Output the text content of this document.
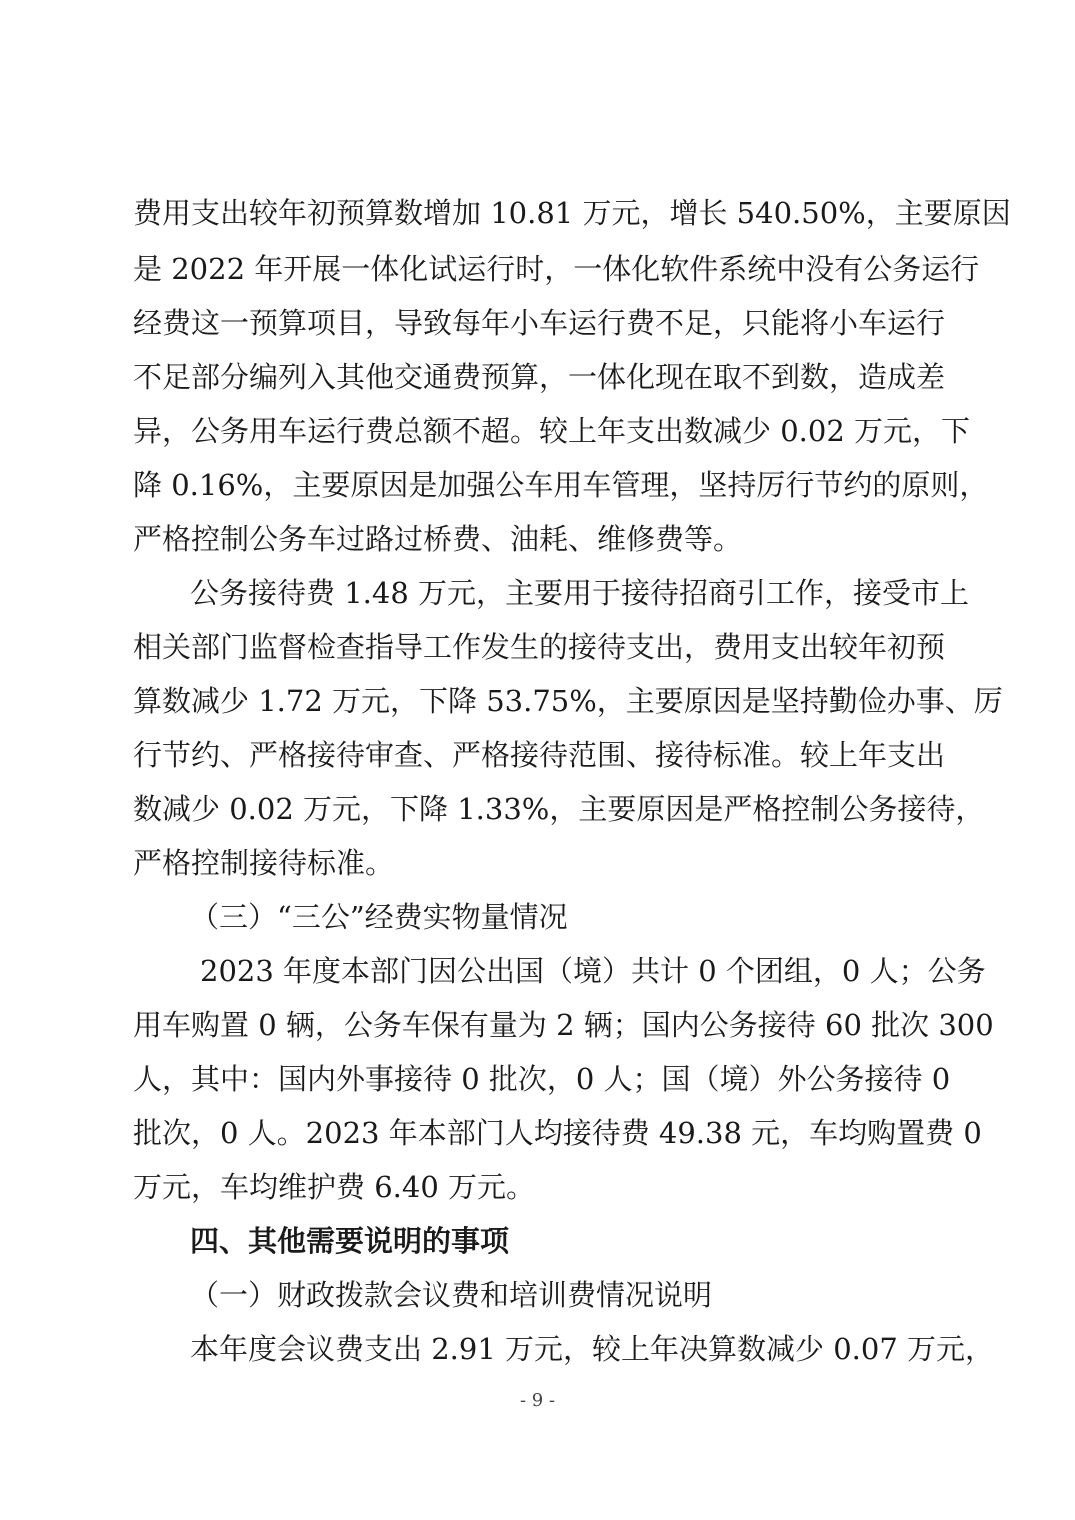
费用支出较年初预算数增加 10.81 万元，增长 540.50%，主要原因
是 2022 年开展一体化试运行时，一体化软件系统中没有公务运行
经费这一预算项目，导致每年小车运行费不足，只能将小车运行
不足部分编列入其他交通费预算，一体化现在取不到数，造成差
异，公务用车运行费总额不超。较上年支出数减少 0.02 万元，下
降 0.16%，主要原因是加强公车用车管理，坚持厉行节约的原则，
严格控制公务车过路过桥费、油耗、维修费等。
公务接待费 1.48 万元，主要用于接待招商引工作，接受市上
相关部门监督检查指导工作发生的接待支出，费用支出较年初预
算数减少 1.72 万元，下降 53.75%，主要原因是坚持勤俭办事、厉
行节约、严格接待审查、严格接待范围、接待标准。较上年支出
数减少 0.02 万元，下降 1.33%，主要原因是严格控制公务接待，
严格控制接待标准。
（三）“三公”经费实物量情况
2023 年度本部门因公出国（境）共计 0 个团组，0 人；公务
用车购置 0 辆，公务车保有量为 2 辆；国内公务接待 60 批次 300
人，其中：国内外事接待 0 批次，0 人；国（境）外公务接待 0
批次，0 人。2023 年本部门人均接待费 49.38 元，车均购置费 0
万元，车均维护费 6.40 万元。
四、其他需要说明的事项
（一）财政拨款会议费和培训费情况说明
本年度会议费支出 2.91 万元，较上年决算数减少 0.07 万元，
- 9 -
